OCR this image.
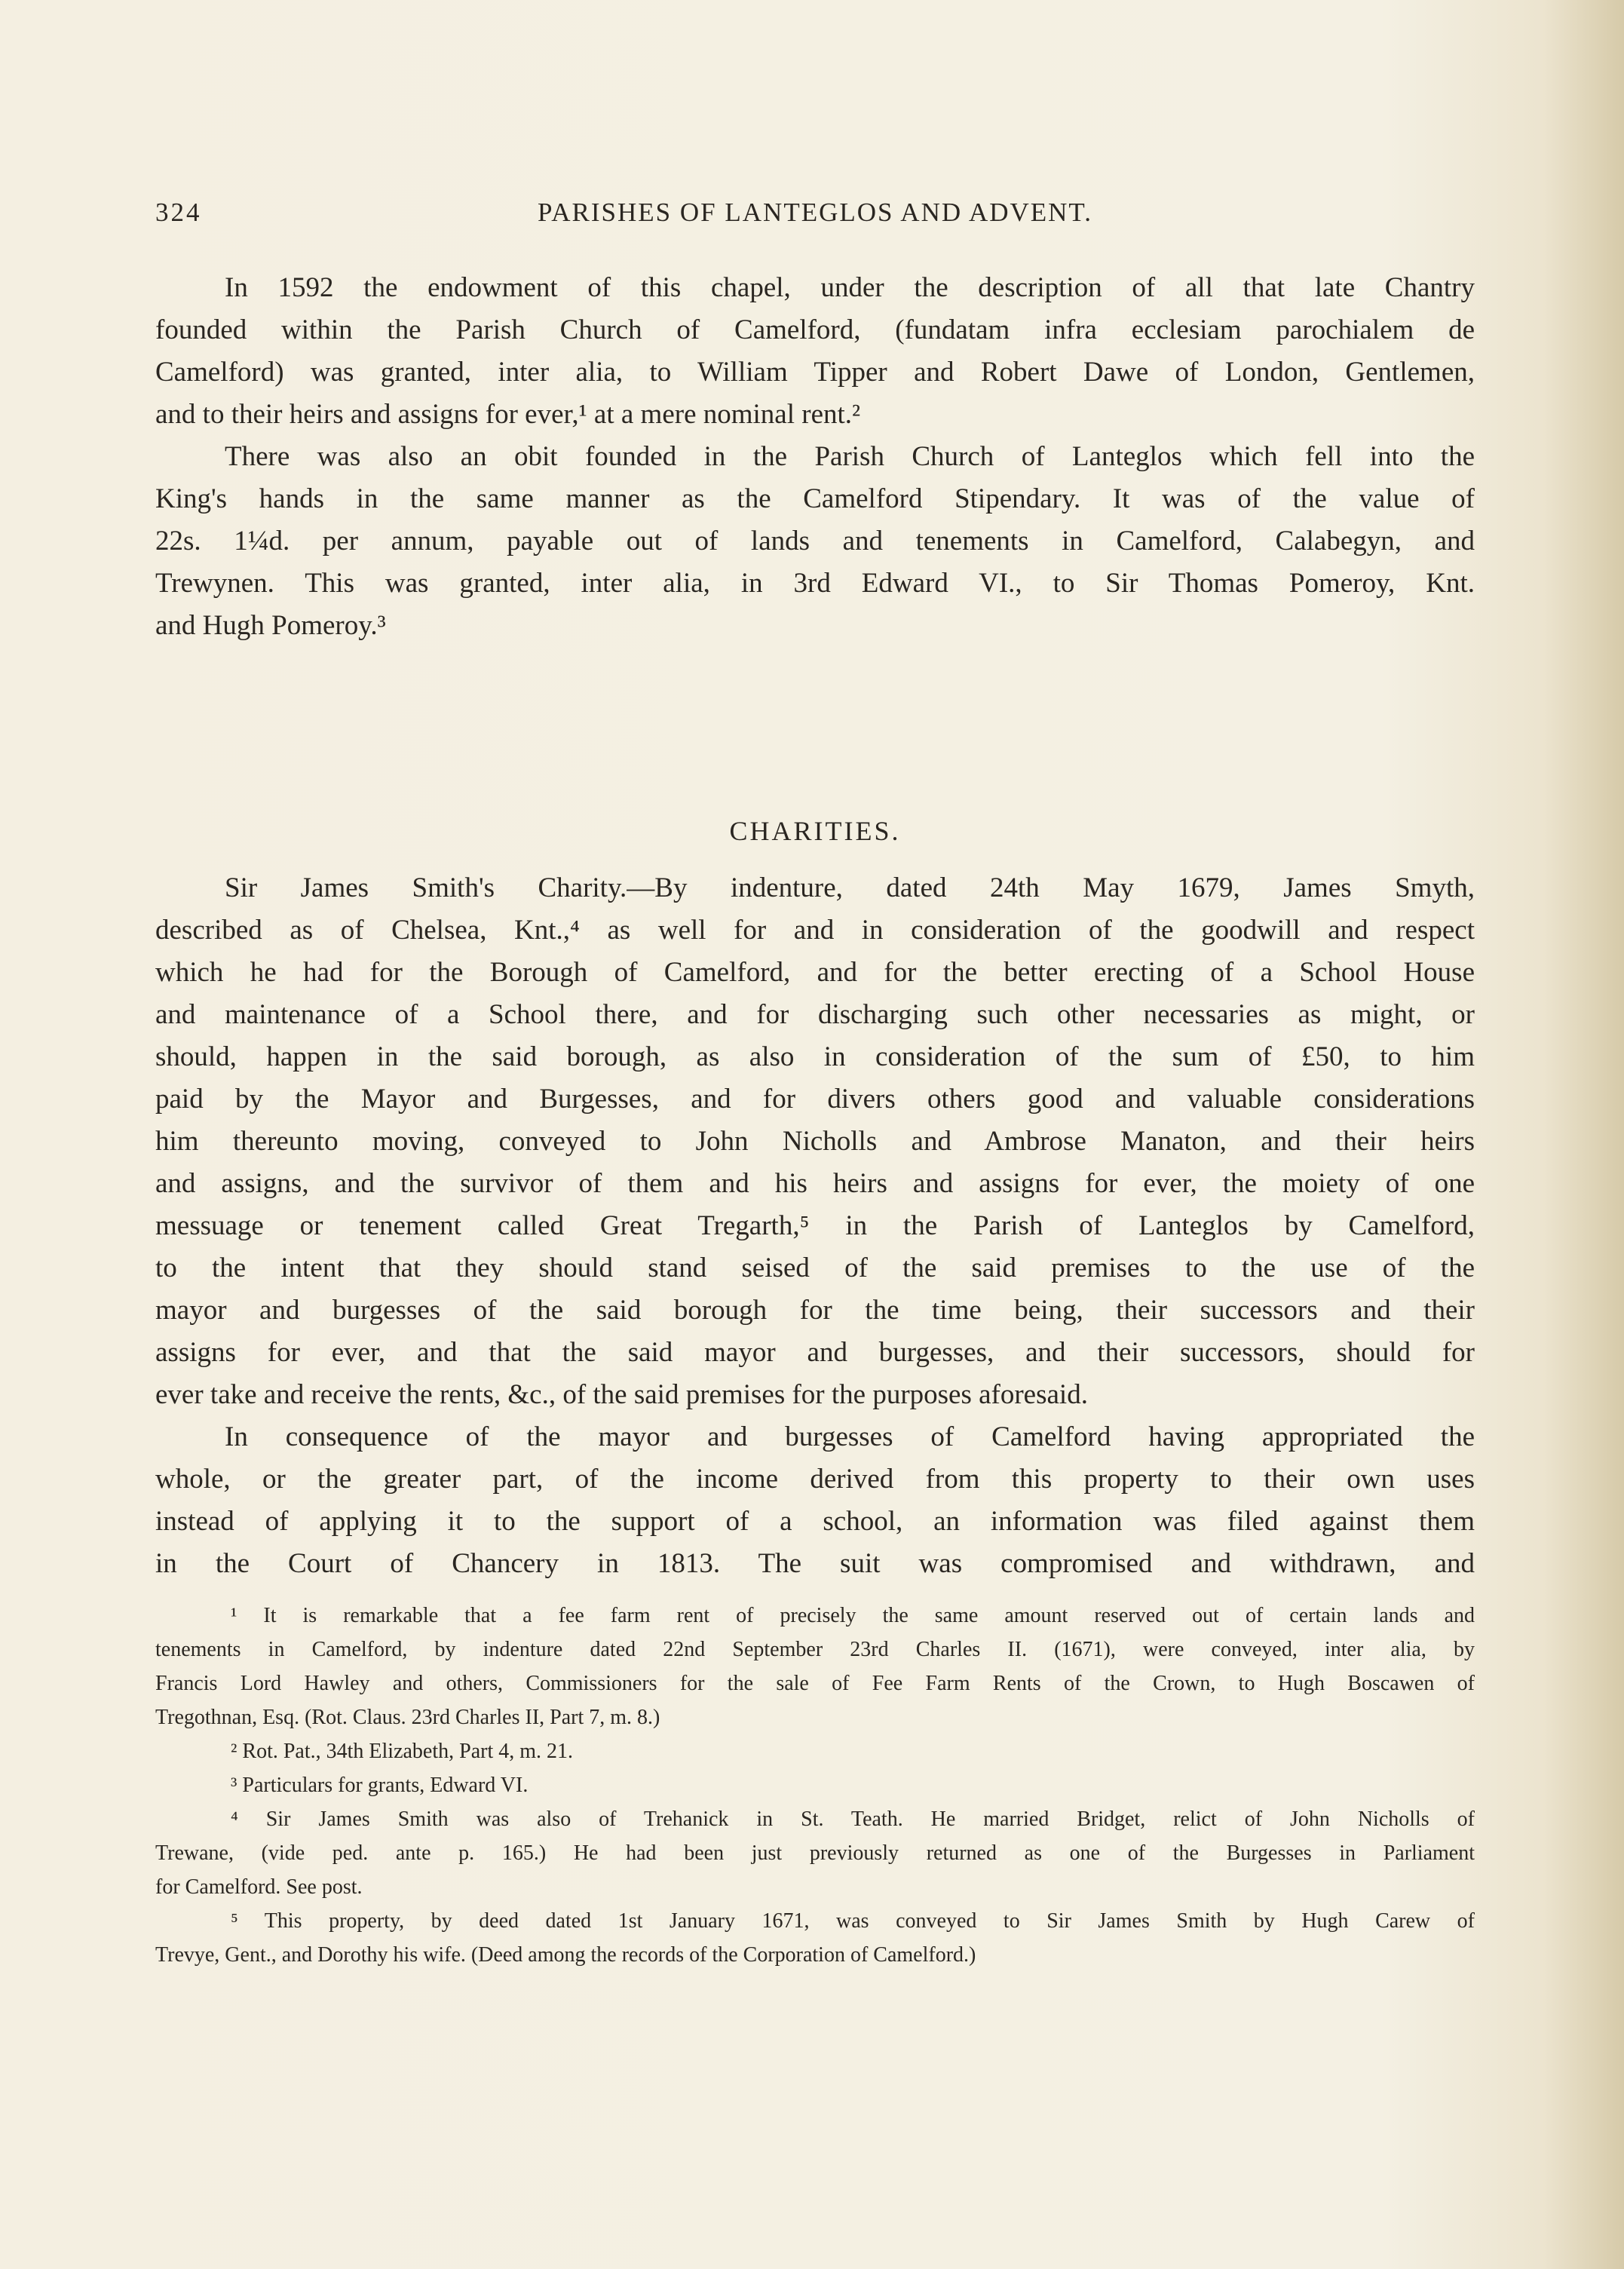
324	PARISHES OF LANTEGLOS AND ADVENT.
In 1592 the endowment of this chapel, under the description of all that late Chantry
founded within the Parish Church of Camelford, (fundatam infra ecclesiam parochialem de
Camelford) was granted, inter alia, to William Tipper and Robert Dawe of London, Gentlemen,
and to their heirs and assigns for ever,¹ at a mere nominal rent.²
There was also an obit founded in the Parish Church of Lanteglos which fell into the
King's hands in the same manner as the Camelford Stipendary. It was of the value of
22s. 1¼d. per annum, payable out of lands and tenements in Camelford, Calabegyn, and
Trewynen. This was granted, inter alia, in 3rd Edward VI., to Sir Thomas Pomeroy, Knt.
and Hugh Pomeroy.³
CHARITIES.
Sir James Smith's Charity.—By indenture, dated 24th May 1679, James Smyth,
described as of Chelsea, Knt.,⁴ as well for and in consideration of the goodwill and respect
which he had for the Borough of Camelford, and for the better erecting of a School House
and maintenance of a School there, and for discharging such other necessaries as might, or
should, happen in the said borough, as also in consideration of the sum of £50, to him
paid by the Mayor and Burgesses, and for divers others good and valuable considerations
him thereunto moving, conveyed to John Nicholls and Ambrose Manaton, and their heirs
and assigns, and the survivor of them and his heirs and assigns for ever, the moiety of one
messuage or tenement called Great Tregarth,⁵ in the Parish of Lanteglos by Camelford,
to the intent that they should stand seised of the said premises to the use of the
mayor and burgesses of the said borough for the time being, their successors and their
assigns for ever, and that the said mayor and burgesses, and their successors, should for
ever take and receive the rents, &c., of the said premises for the purposes aforesaid.
In consequence of the mayor and burgesses of Camelford having appropriated the
whole, or the greater part, of the income derived from this property to their own uses
instead of applying it to the support of a school, an information was filed against them
in the Court of Chancery in 1813. The suit was compromised and withdrawn, and
¹ It is remarkable that a fee farm rent of precisely the same amount reserved out of certain lands and
tenements in Camelford, by indenture dated 22nd September 23rd Charles II. (1671), were conveyed, inter alia, by
Francis Lord Hawley and others, Commissioners for the sale of Fee Farm Rents of the Crown, to Hugh Boscawen of
Tregothnan, Esq. (Rot. Claus. 23rd Charles II, Part 7, m. 8.)
² Rot. Pat., 34th Elizabeth, Part 4, m. 21.
³ Particulars for grants, Edward VI.
⁴ Sir James Smith was also of Trehanick in St. Teath. He married Bridget, relict of John Nicholls of
Trewane, (vide ped. ante p. 165.) He had been just previously returned as one of the Burgesses in Parliament
for Camelford. See post.
⁵ This property, by deed dated 1st January 1671, was conveyed to Sir James Smith by Hugh Carew of
Trevye, Gent., and Dorothy his wife. (Deed among the records of the Corporation of Camelford.)
